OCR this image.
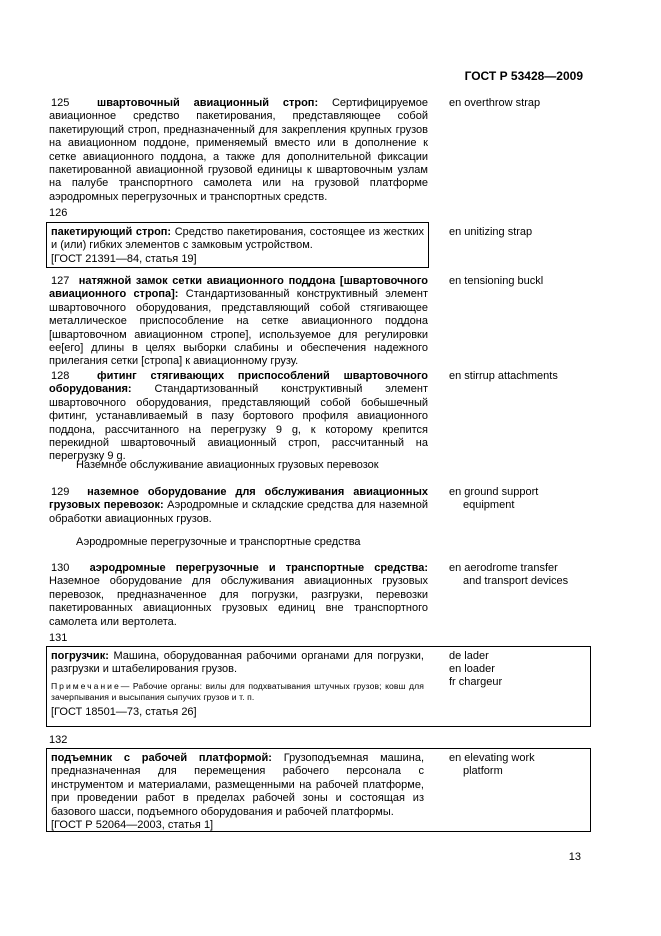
ГОСТ Р 53428—2009

125	швартовочный авиационный строп: Сертифицируемое авиационное средство пакетирования, представляющее собой пакетирующий строп, предназначенный для закрепления крупных грузов на авиационном поддоне, применяемый вместо или в дополнение к сетке авиационного поддона, а также для дополнительной фиксации пакетированной авиационной грузовой единицы к швартовочным узлам на палубе транспортного самолета или на грузовой платформе аэродромных перегрузочных и транспортных средств.

en overthrow strap
126
пакетирующий строп: Средство пакетирования, состоящее из жестких и (или) гибких элементов с замковым устройством.
[ГОСТ 21391—84, статья 19]
en unitizing strap

127 натяжной замок сетки авиационного поддона [швартовочного авиационного стропа]: Стандартизованный конструктивный элемент швартовочного оборудования, представляющий собой стягивающее металлическое приспособление на сетке авиационного поддона [швартовочном авиационном стропе], используемое для регулировки ее[его] длины в целях выборки слабины и обеспечения надежного прилегания сетки [стропа] к авиационному грузу.

en tensioning buckl

128	фитинг стягивающих приспособлений швартовочного оборудования: Стандартизованный конструктивный элемент швартовочного оборудования, представляющий собой бобышечный фитинг, устанавливаемый в пазу бортового профиля авиационного поддона, рассчитанного на перегрузку 9 g, к которому крепится перекидной швартовочный авиационный строп, рассчитанный на перегрузку 9 g.

en stirrup attachments
Наземное обслуживание авиационных грузовых перевозок

129 наземное оборудование для обслуживания авиационных грузовых перевозок: Аэродромные и складские средства для наземной обработки авиационных грузов.

en ground support
equipment
Аэродромные перегрузочные и транспортные средства

130 аэродромные перегрузочные и транспортные средства: Наземное оборудование для обслуживания авиационных грузовых перевозок, предназначенное для погрузки, разгрузки, перевозки пакетированных авиационных грузовых единиц вне транспортного самолета или вертолета.

en aerodrome transfer
and transport devices
131
погрузчик: Машина, оборудованная рабочими органами для погрузки, разгрузки и штабелирования грузов.
Примечание— Рабочие органы: вилы для подхватывания штучных грузов; ковш для зачерпывания и высыпания сыпучих грузов и т. п.
[ГОСТ 18501—73, статья 26]
de lader
en loader
fr chargeur
132
подъемник с рабочей платформой: Грузоподъемная машина, предназначенная для перемещения рабочего персонала с инструментом и материалами, размещенными на рабочей платформе, при проведении работ в пределах рабочей зоны и состоящая из базового шасси, подъемного оборудования и рабочей платформы.
[ГОСТ Р 52064—2003, статья 1]
en elevating work
platform
13
